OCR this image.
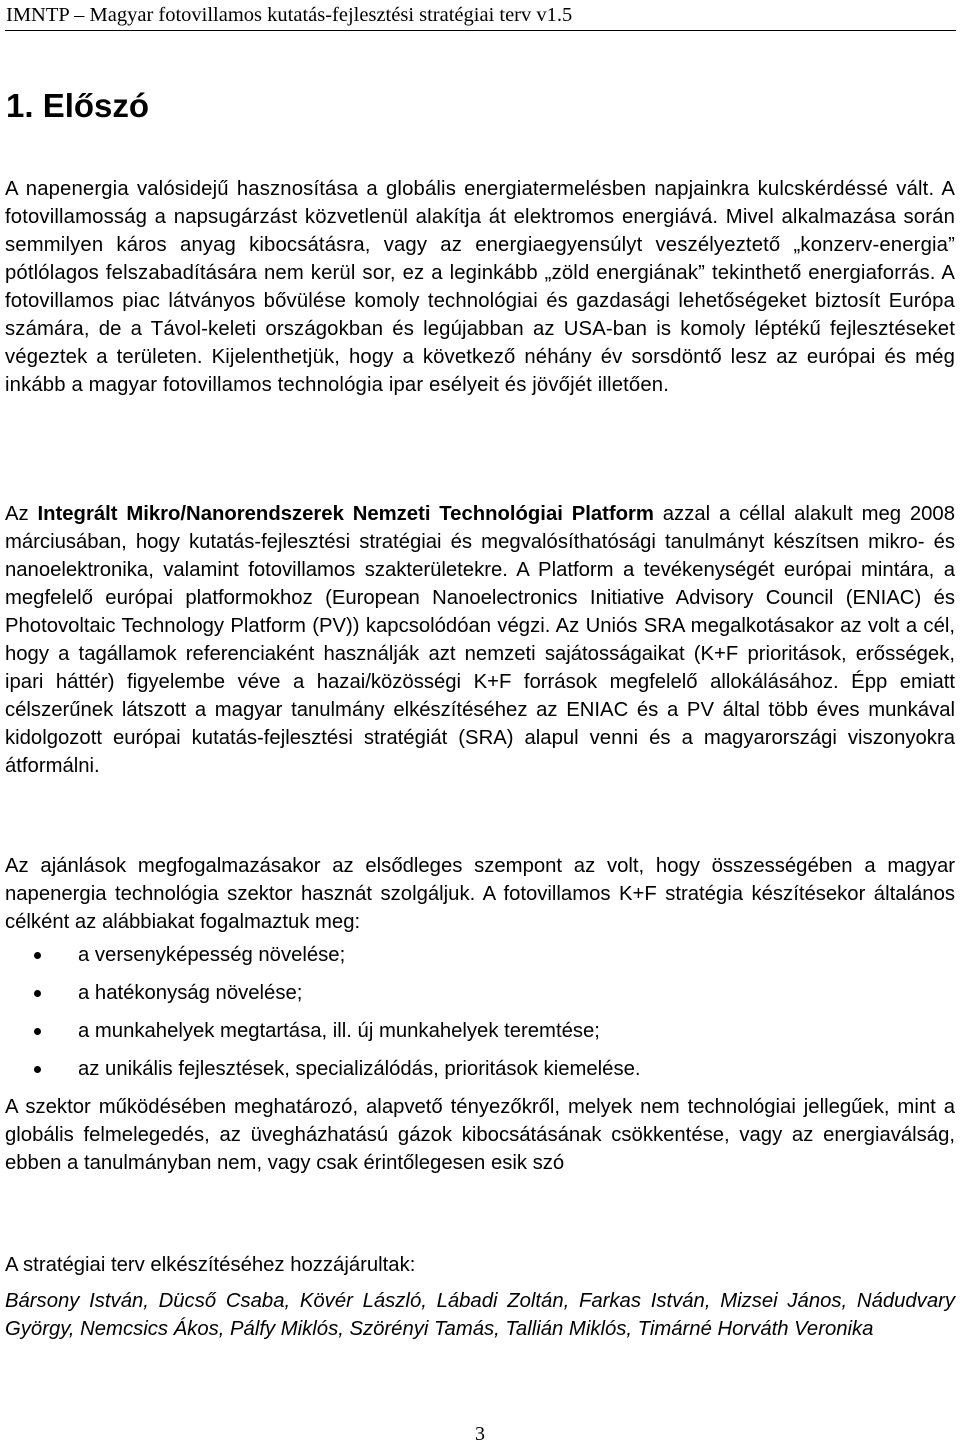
IMNTP – Magyar fotovillamos kutatás-fejlesztési stratégiai terv v1.5
1. Előszó

A napenergia valósidejű hasznosítása a globális energiatermelésben napjainkra kulcskérdéssé vált. A fotovillamosság a napsugárzást közvetlenül alakítja át elektromos energiává. Mivel alkalmazása során semmilyen káros anyag kibocsátásra, vagy az energiaegyensúlyt veszélyeztető „konzerv-energia” pótlólagos felszabadítására nem kerül sor, ez a leginkább „zöld energiának” tekinthető energiaforrás. A fotovillamos piac látványos bővülése komoly technológiai és gazdasági lehetőségeket biztosít Európa számára, de a Távol-keleti országokban és legújabban az USA-ban is komoly léptékű fejlesztéseket végeztek a területen. Kijelenthetjük, hogy a következő néhány év sorsdöntő lesz az európai és még inkább a magyar fotovillamos technológia ipar esélyeit és jövőjét illetően.

Az Integrált Mikro/Nanorendszerek Nemzeti Technológiai Platform azzal a céllal alakult meg 2008 márciusában, hogy kutatás-fejlesztési stratégiai és megvalósíthatósági tanulmányt készítsen mikro- és nanoelektronika, valamint fotovillamos szakterületekre. A Platform a tevékenységét európai mintára, a megfelelő európai platformokhoz (European Nanoelectronics Initiative Advisory Council (ENIAC) és Photovoltaic Technology Platform (PV)) kapcsolódóan végzi. Az Uniós SRA megalkotásakor az volt a cél, hogy a tagállamok referenciaként használják azt nemzeti sajátosságaikat (K+F prioritások, erősségek, ipari háttér) figyelembe véve a hazai/közösségi K+F források megfelelő allokálásához. Épp emiatt célszerűnek látszott a magyar tanulmány elkészítéséhez az ENIAC és a PV által több éves munkával kidolgozott európai kutatás-fejlesztési stratégiát (SRA) alapul venni és a magyarországi viszonyokra átformálni.

Az ajánlások megfogalmazásakor az elsődleges szempont az volt, hogy összességében a magyar napenergia technológia szektor hasznát szolgáljuk. A fotovillamos K+F stratégia készítésekor általános célként az alábbiakat fogalmaztuk meg:

a versenyképesség növelése;
a hatékonyság növelése;
a munkahelyek megtartása, ill. új munkahelyek teremtése;
az unikális fejlesztések, specializálódás, prioritások kiemelése.

A szektor működésében meghatározó, alapvető tényezőkről, melyek nem technológiai jellegűek, mint a globális felmelegedés, az üvegházhatású gázok kibocsátásának csökkentése, vagy az energiaválság, ebben a tanulmányban nem, vagy csak érintőlegesen esik szó

A stratégiai terv elkészítéséhez hozzájárultak:

Bársony István, Dücső Csaba, Kövér László, Lábadi Zoltán, Farkas István, Mizsei János, Nádudvary György, Nemcsics Ákos, Pálfy Miklós, Szörényi Tamás, Tallián Miklós, Timárné Horváth Veronika

3
